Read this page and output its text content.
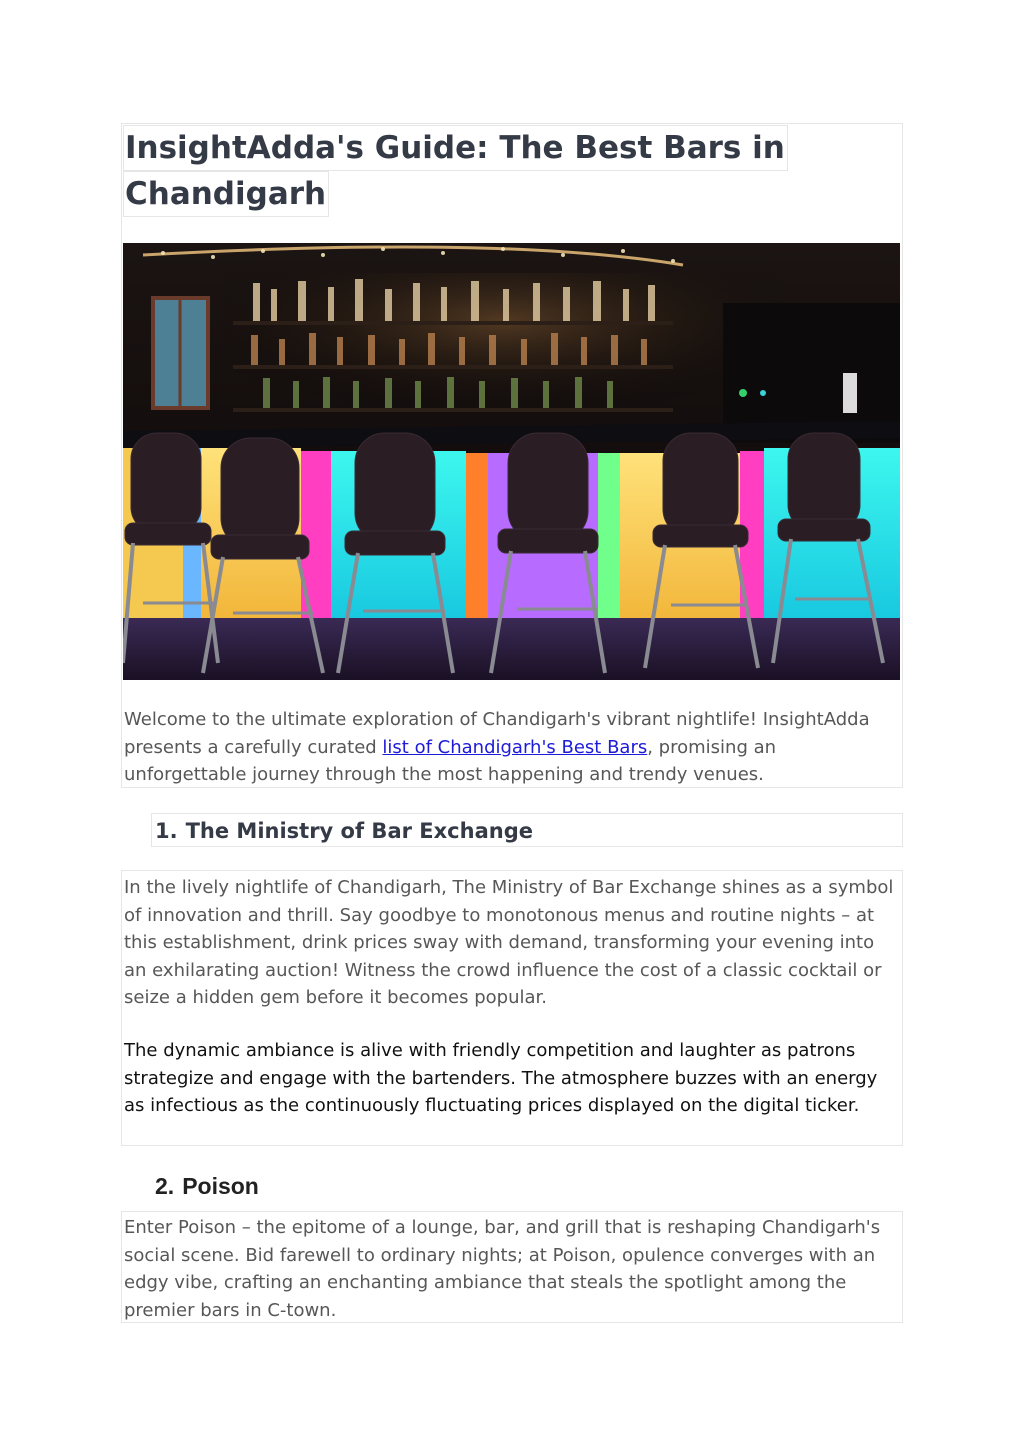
InsightAdda's Guide: The Best Bars in
Chandigarh

Welcome to the ultimate exploration of Chandigarh's vibrant nightlife! InsightAdda presents a carefully curated list of Chandigarh's Best Bars, promising an unforgettable journey through the most happening and trendy venues.

1. The Ministry of Bar Exchange

In the lively nightlife of Chandigarh, The Ministry of Bar Exchange shines as a symbol of innovation and thrill. Say goodbye to monotonous menus and routine nights – at this establishment, drink prices sway with demand, transforming your evening into an exhilarating auction! Witness the crowd influence the cost of a classic cocktail or seize a hidden gem before it becomes popular.

The dynamic ambiance is alive with friendly competition and laughter as patrons strategize and engage with the bartenders. The atmosphere buzzes with an energy as infectious as the continuously fluctuating prices displayed on the digital ticker.

2. Poison

Enter Poison – the epitome of a lounge, bar, and grill that is reshaping Chandigarh's social scene. Bid farewell to ordinary nights; at Poison, opulence converges with an edgy vibe, crafting an enchanting ambiance that steals the spotlight among the premier bars in C-town.
